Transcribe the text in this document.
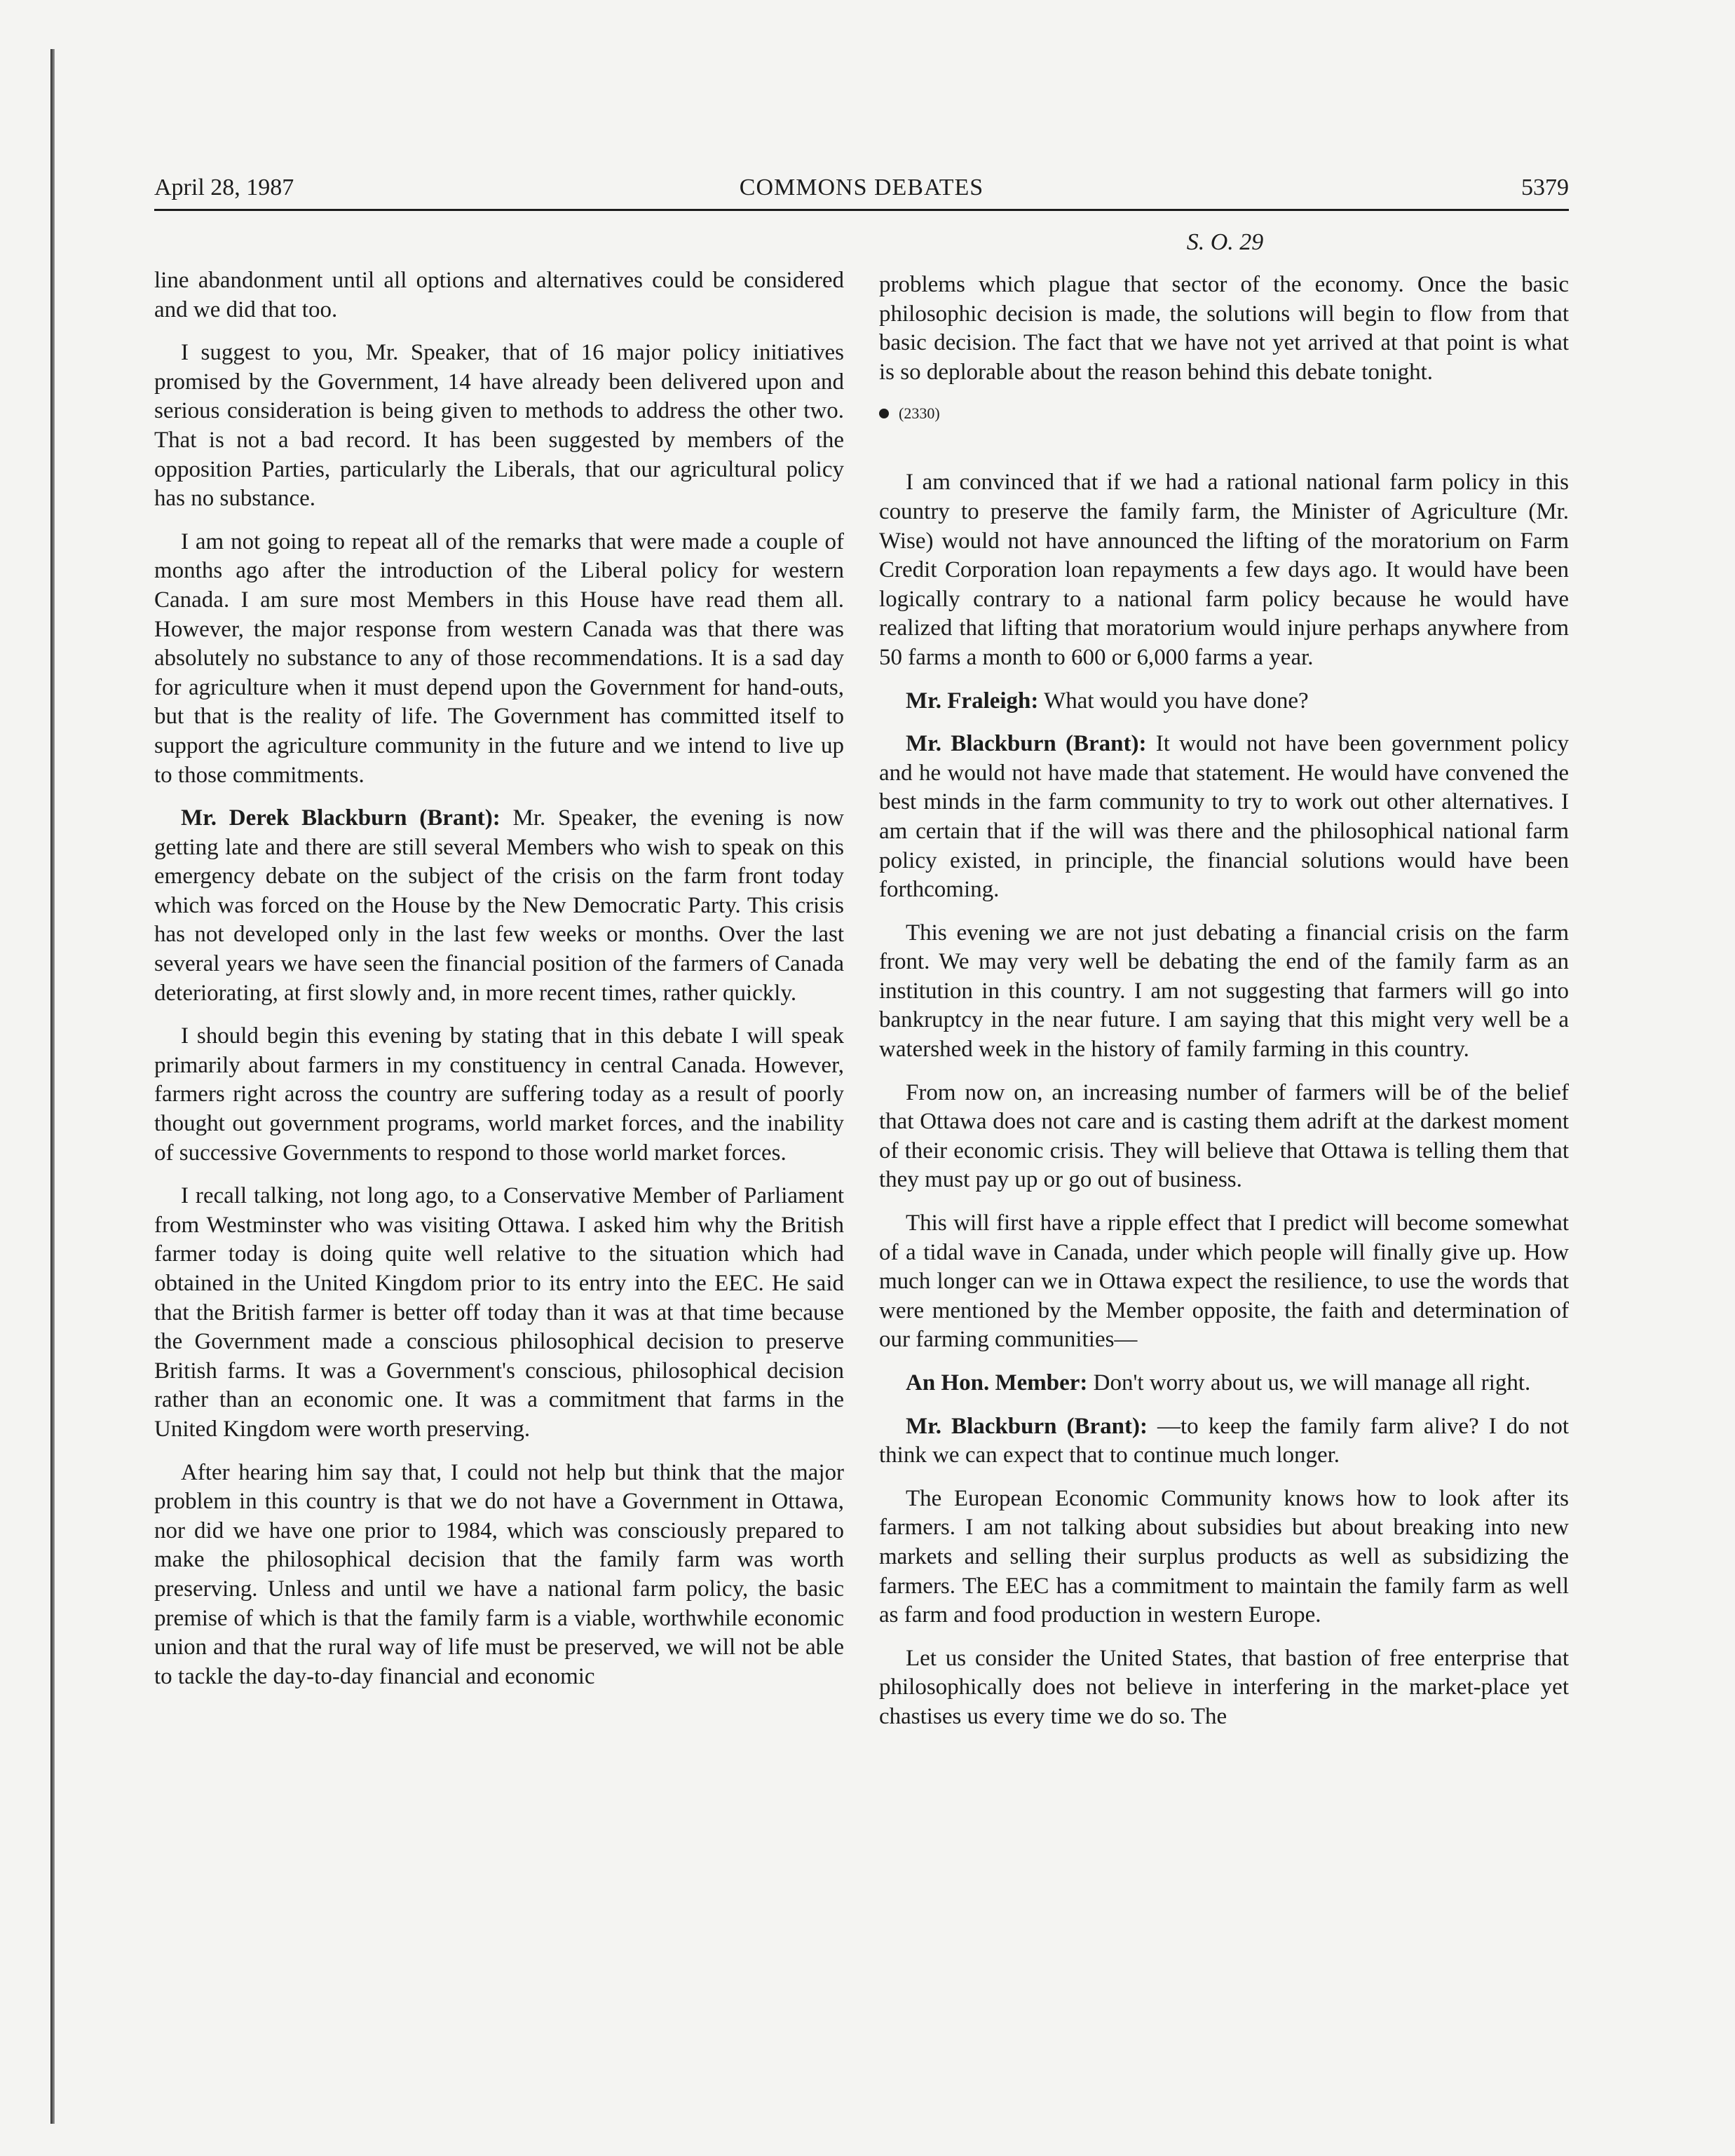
April 28, 1987	COMMONS DEBATES	5379
S. O. 29

line abandonment until all options and alternatives could be considered and we did that too.

I suggest to you, Mr. Speaker, that of 16 major policy initiatives promised by the Government, 14 have already been delivered upon and serious consideration is being given to methods to address the other two. That is not a bad record. It has been suggested by members of the opposition Parties, particularly the Liberals, that our agricultural policy has no substance.

I am not going to repeat all of the remarks that were made a couple of months ago after the introduction of the Liberal policy for western Canada. I am sure most Members in this House have read them all. However, the major response from western Canada was that there was absolutely no substance to any of those recommendations. It is a sad day for agriculture when it must depend upon the Government for hand-outs, but that is the reality of life. The Government has committed itself to support the agriculture community in the future and we intend to live up to those commitments.

Mr. Derek Blackburn (Brant): Mr. Speaker, the evening is now getting late and there are still several Members who wish to speak on this emergency debate on the subject of the crisis on the farm front today which was forced on the House by the New Democratic Party. This crisis has not developed only in the last few weeks or months. Over the last several years we have seen the financial position of the farmers of Canada deteriorating, at first slowly and, in more recent times, rather quickly.

I should begin this evening by stating that in this debate I will speak primarily about farmers in my constituency in central Canada. However, farmers right across the country are suffering today as a result of poorly thought out government programs, world market forces, and the inability of successive Governments to respond to those world market forces.

I recall talking, not long ago, to a Conservative Member of Parliament from Westminster who was visiting Ottawa. I asked him why the British farmer today is doing quite well relative to the situation which had obtained in the United Kingdom prior to its entry into the EEC. He said that the British farmer is better off today than it was at that time because the Government made a conscious philosophical decision to preserve British farms. It was a Government's conscious, philosophical decision rather than an economic one. It was a commitment that farms in the United Kingdom were worth preserving.

After hearing him say that, I could not help but think that the major problem in this country is that we do not have a Government in Ottawa, nor did we have one prior to 1984, which was consciously prepared to make the philosophical decision that the family farm was worth preserving. Unless and until we have a national farm policy, the basic premise of which is that the family farm is a viable, worthwhile economic union and that the rural way of life must be preserved, we will not be able to tackle the day-to-day financial and economic

problems which plague that sector of the economy. Once the basic philosophic decision is made, the solutions will begin to flow from that basic decision. The fact that we have not yet arrived at that point is what is so deplorable about the reason behind this debate tonight.

(2330)

I am convinced that if we had a rational national farm policy in this country to preserve the family farm, the Minister of Agriculture (Mr. Wise) would not have announced the lifting of the moratorium on Farm Credit Corporation loan repayments a few days ago. It would have been logically contrary to a national farm policy because he would have realized that lifting that moratorium would injure perhaps anywhere from 50 farms a month to 600 or 6,000 farms a year.

Mr. Fraleigh: What would you have done?

Mr. Blackburn (Brant): It would not have been government policy and he would not have made that statement. He would have convened the best minds in the farm community to try to work out other alternatives. I am certain that if the will was there and the philosophical national farm policy existed, in principle, the financial solutions would have been forthcoming.

This evening we are not just debating a financial crisis on the farm front. We may very well be debating the end of the family farm as an institution in this country. I am not suggesting that farmers will go into bankruptcy in the near future. I am saying that this might very well be a watershed week in the history of family farming in this country.

From now on, an increasing number of farmers will be of the belief that Ottawa does not care and is casting them adrift at the darkest moment of their economic crisis. They will believe that Ottawa is telling them that they must pay up or go out of business.

This will first have a ripple effect that I predict will become somewhat of a tidal wave in Canada, under which people will finally give up. How much longer can we in Ottawa expect the resilience, to use the words that were mentioned by the Member opposite, the faith and determination of our farming communities—

An Hon. Member: Don't worry about us, we will manage all right.

Mr. Blackburn (Brant): —to keep the family farm alive? I do not think we can expect that to continue much longer.

The European Economic Community knows how to look after its farmers. I am not talking about subsidies but about breaking into new markets and selling their surplus products as well as subsidizing the farmers. The EEC has a commitment to maintain the family farm as well as farm and food production in western Europe.

Let us consider the United States, that bastion of free enterprise that philosophically does not believe in interfering in the market-place yet chastises us every time we do so. The
